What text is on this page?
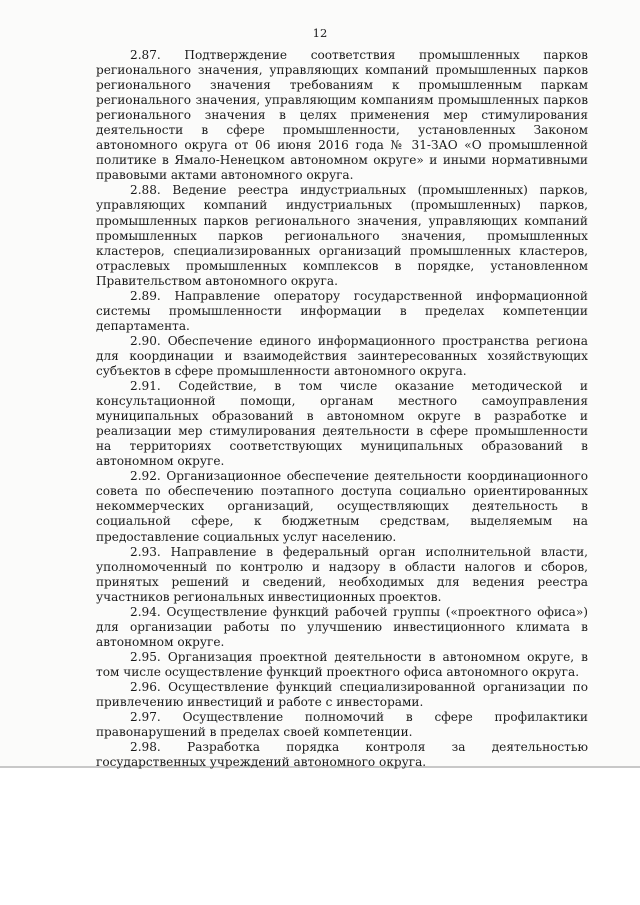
12

2.87. Подтверждение соответствия промышленных парков регионального значения, управляющих компаний промышленных парков регионального значения требованиям к промышленным паркам регионального значения, управляющим компаниям промышленных парков регионального значения в целях применения мер стимулирования деятельности в сфере промышленности, установленных Законом автономного округа от 06 июня 2016 года № 31-ЗАО «О промышленной политике в Ямало-Ненецком автономном округе» и иными нормативными правовыми актами автономного округа.

2.88. Ведение реестра индустриальных (промышленных) парков, управляющих компаний индустриальных (промышленных) парков, промышленных парков регионального значения, управляющих компаний промышленных парков регионального значения, промышленных кластеров, специализированных организаций промышленных кластеров, отраслевых промышленных комплексов в порядке, установленном Правительством автономного округа.

2.89. Направление оператору государственной информационной системы промышленности информации в пределах компетенции департамента.

2.90. Обеспечение единого информационного пространства региона для координации и взаимодействия заинтересованных хозяйствующих субъектов в сфере промышленности автономного округа.

2.91. Содействие, в том числе оказание методической и консультационной помощи, органам местного самоуправления муниципальных образований в автономном округе в разработке и реализации мер стимулирования деятельности в сфере промышленности на территориях соответствующих муниципальных образований в автономном округе.

2.92. Организационное обеспечение деятельности координационного совета по обеспечению поэтапного доступа социально ориентированных некоммерческих организаций, осуществляющих деятельность в социальной сфере, к бюджетным средствам, выделяемым на предоставление социальных услуг населению.

2.93. Направление в федеральный орган исполнительной власти, уполномоченный по контролю и надзору в области налогов и сборов, принятых решений и сведений, необходимых для ведения реестра участников региональных инвестиционных проектов.

2.94. Осуществление функций рабочей группы («проектного офиса») для организации работы по улучшению инвестиционного климата в автономном округе.

2.95. Организация проектной деятельности в автономном округе, в том числе осуществление функций проектного офиса автономного округа.

2.96. Осуществление функций специализированной организации по привлечению инвестиций и работе с инвесторами.

2.97. Осуществление полномочий в сфере профилактики правонарушений в пределах своей компетенции.

2.98. Разработка порядка контроля за деятельностью государственных учреждений автономного округа.
